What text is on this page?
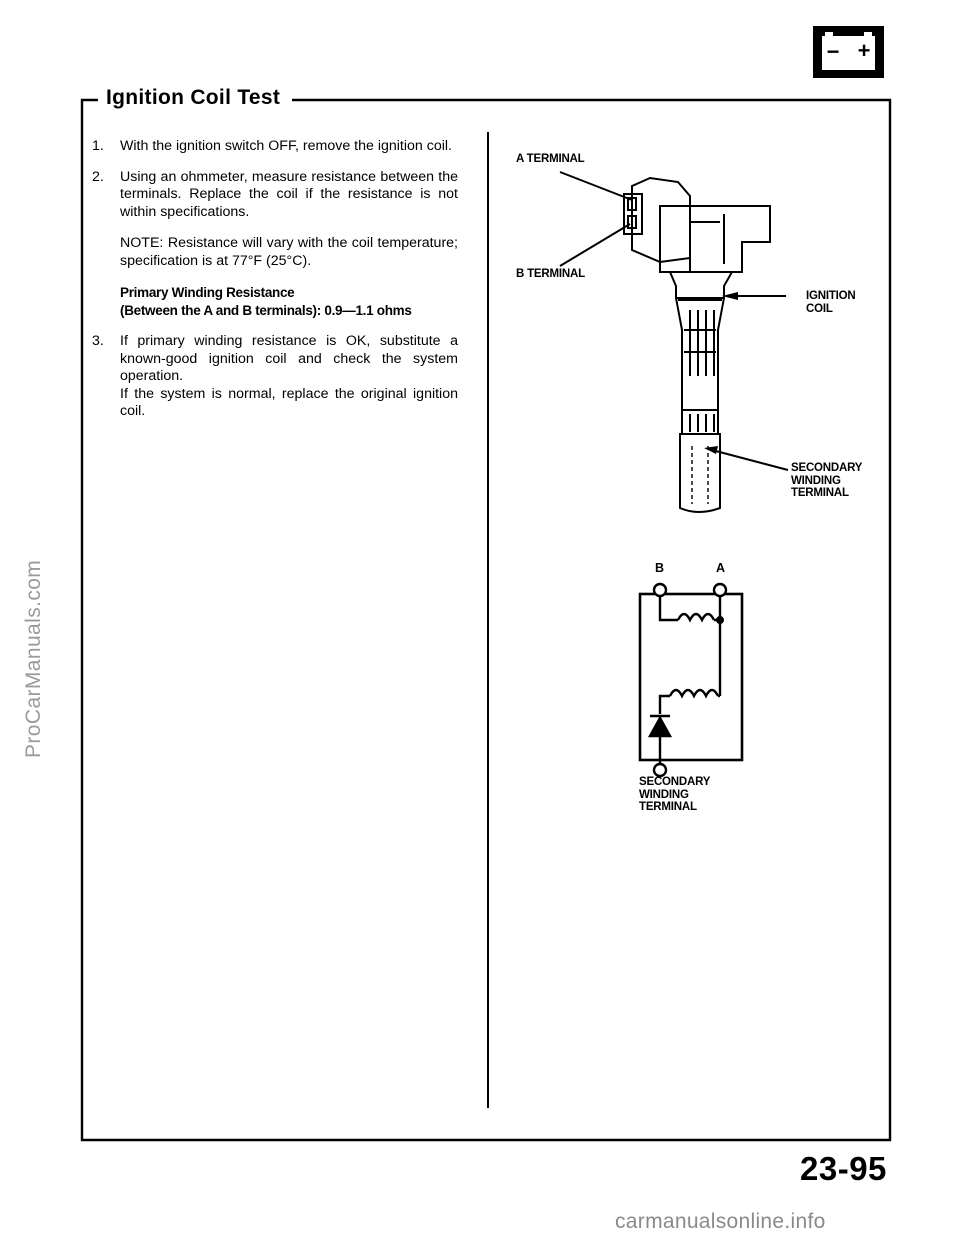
− +
Ignition Coil Test
1. With the ignition switch OFF, remove the ignition coil.

2. Using an ohmmeter, measure resistance between the terminals. Replace the coil if the resistance is not within specifications.

NOTE: Resistance will vary with the coil temperature; specification is at 77°F (25°C).

Primary Winding Resistance
(Between the A and B terminals): 0.9—1.1 ohms

3. If primary winding resistance is OK, substitute a known-good ignition coil and check the system operation.

If the system is normal, replace the original ignition coil.

A TERMINAL
B TERMINAL
IGNITION
COIL
SECONDARY
WINDING
TERMINAL
B	A
SECONDARY
WINDING
TERMINAL
23-95
ProCarManuals.com
carmanualsonline.info
